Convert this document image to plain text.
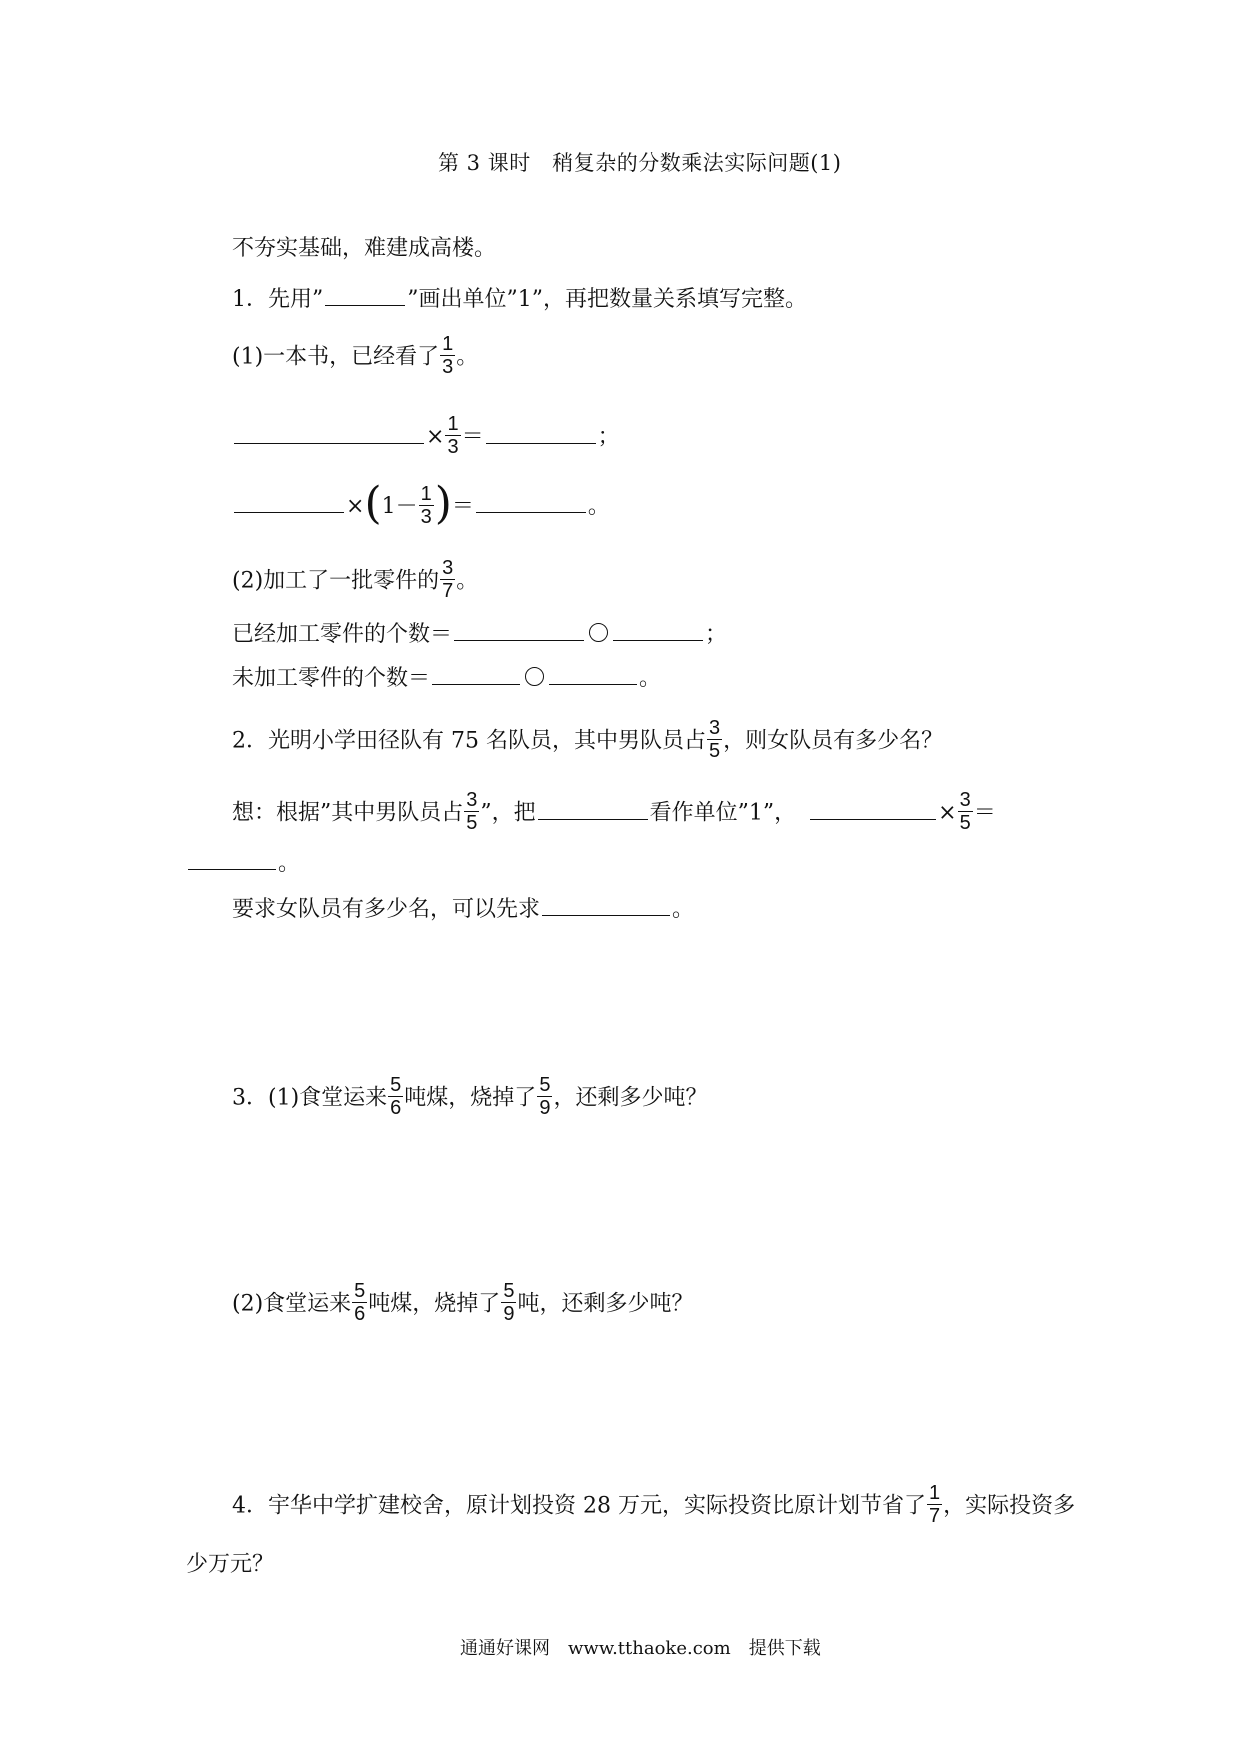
第 3 课时　稍复杂的分数乘法实际问题(1)
不夯实基础，难建成高楼。
1．先用”	”画出单位”1”，再把数量关系填写完整。
(1)一本书，已经看了 $\frac{1}{3}$ 。
× $\frac{1}{3}$ ＝	；
$\times(1- \frac{1}{3}$ )＝	。
(2)加工了一批零件的 $\frac{3}{7}$ 。
已经加工零件的个数＝	；
未加工零件的个数＝	。
2．光明小学田径队有 75 名队员，其中男队员占 $\frac{3}{5}$ ，则女队员有多少名？
想：根据”其中男队员占 $\frac{3}{5}$ ”，把	看作单位”1”，	× $\frac{3}{5}$ ＝
。
要求女队员有多少名，可以先求	。
3．(1)食堂运来 $\frac{5}{6}$ 吨煤，烧掉了 $\frac{5}{9}$ ，还剩多少吨？
(2)食堂运来 $\frac{5}{6}$ 吨煤，烧掉了 $\frac{5}{9}$ 吨，还剩多少吨？
4．宇华中学扩建校舍，原计划投资 28 万元，实际投资比原计划节省了 $\frac{1}{7}$ ，实际投资多
少万元？
通通好课网　www.tthaoke.com　提供下载
